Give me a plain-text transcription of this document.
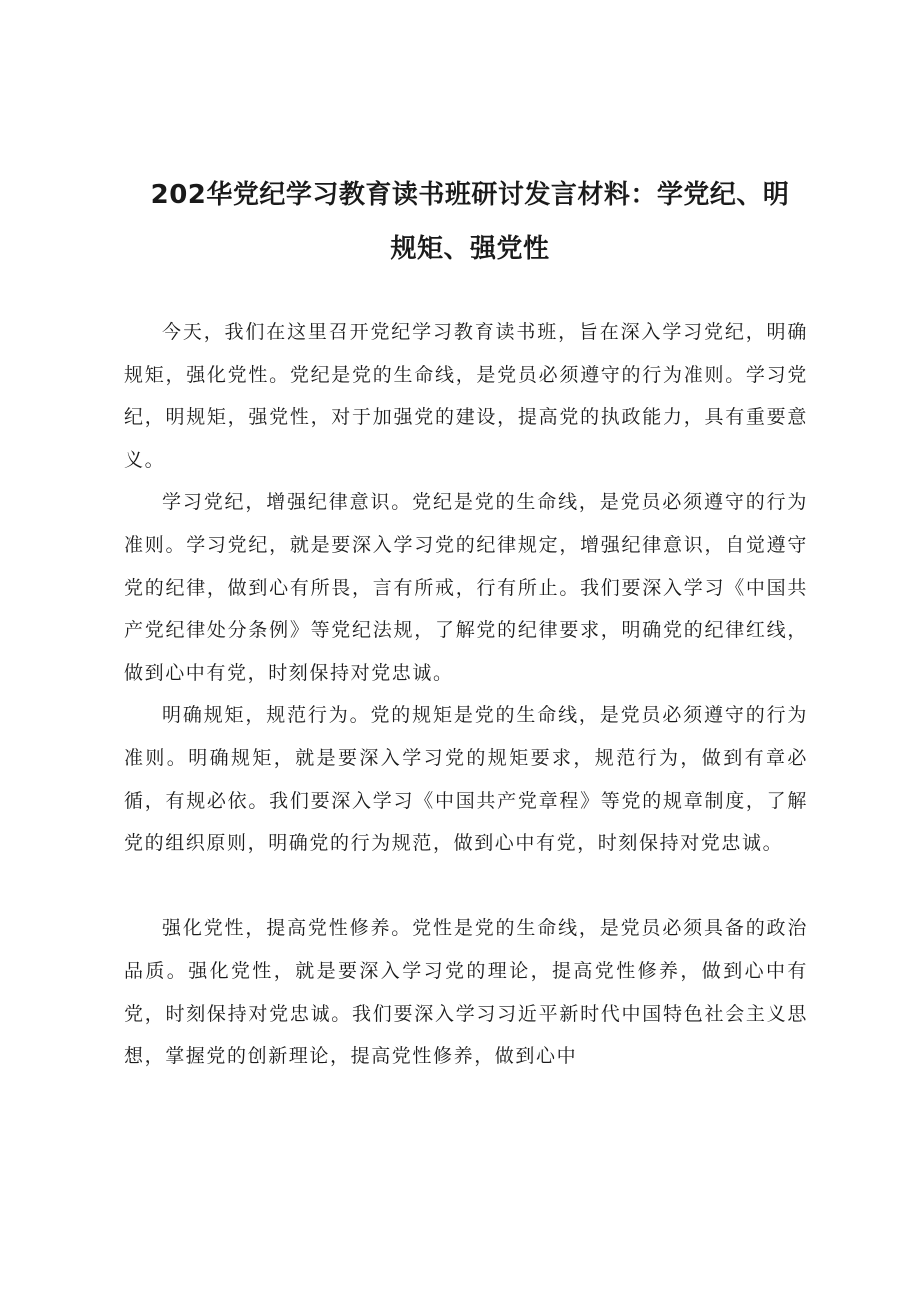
202华党纪学习教育读书班研讨发言材料：学党纪、明规矩、强党性

今天，我们在这里召开党纪学习教育读书班，旨在深入学习党纪，明确规矩，强化党性。党纪是党的生命线，是党员必须遵守的行为准则。学习党纪，明规矩，强党性，对于加强党的建设，提高党的执政能力，具有重要意义。

学习党纪，增强纪律意识。党纪是党的生命线，是党员必须遵守的行为准则。学习党纪，就是要深入学习党的纪律规定，增强纪律意识，自觉遵守党的纪律，做到心有所畏，言有所戒，行有所止。我们要深入学习《中国共产党纪律处分条例》等党纪法规，了解党的纪律要求，明确党的纪律红线，做到心中有党，时刻保持对党忠诚。

明确规矩，规范行为。党的规矩是党的生命线，是党员必须遵守的行为准则。明确规矩，就是要深入学习党的规矩要求，规范行为，做到有章必循，有规必依。我们要深入学习《中国共产党章程》等党的规章制度，了解党的组织原则，明确党的行为规范，做到心中有党，时刻保持对党忠诚。

强化党性，提高党性修养。党性是党的生命线，是党员必须具备的政治品质。强化党性，就是要深入学习党的理论，提高党性修养，做到心中有党，时刻保持对党忠诚。我们要深入学习习近平新时代中国特色社会主义思想，掌握党的创新理论，提高党性修养，做到心中
